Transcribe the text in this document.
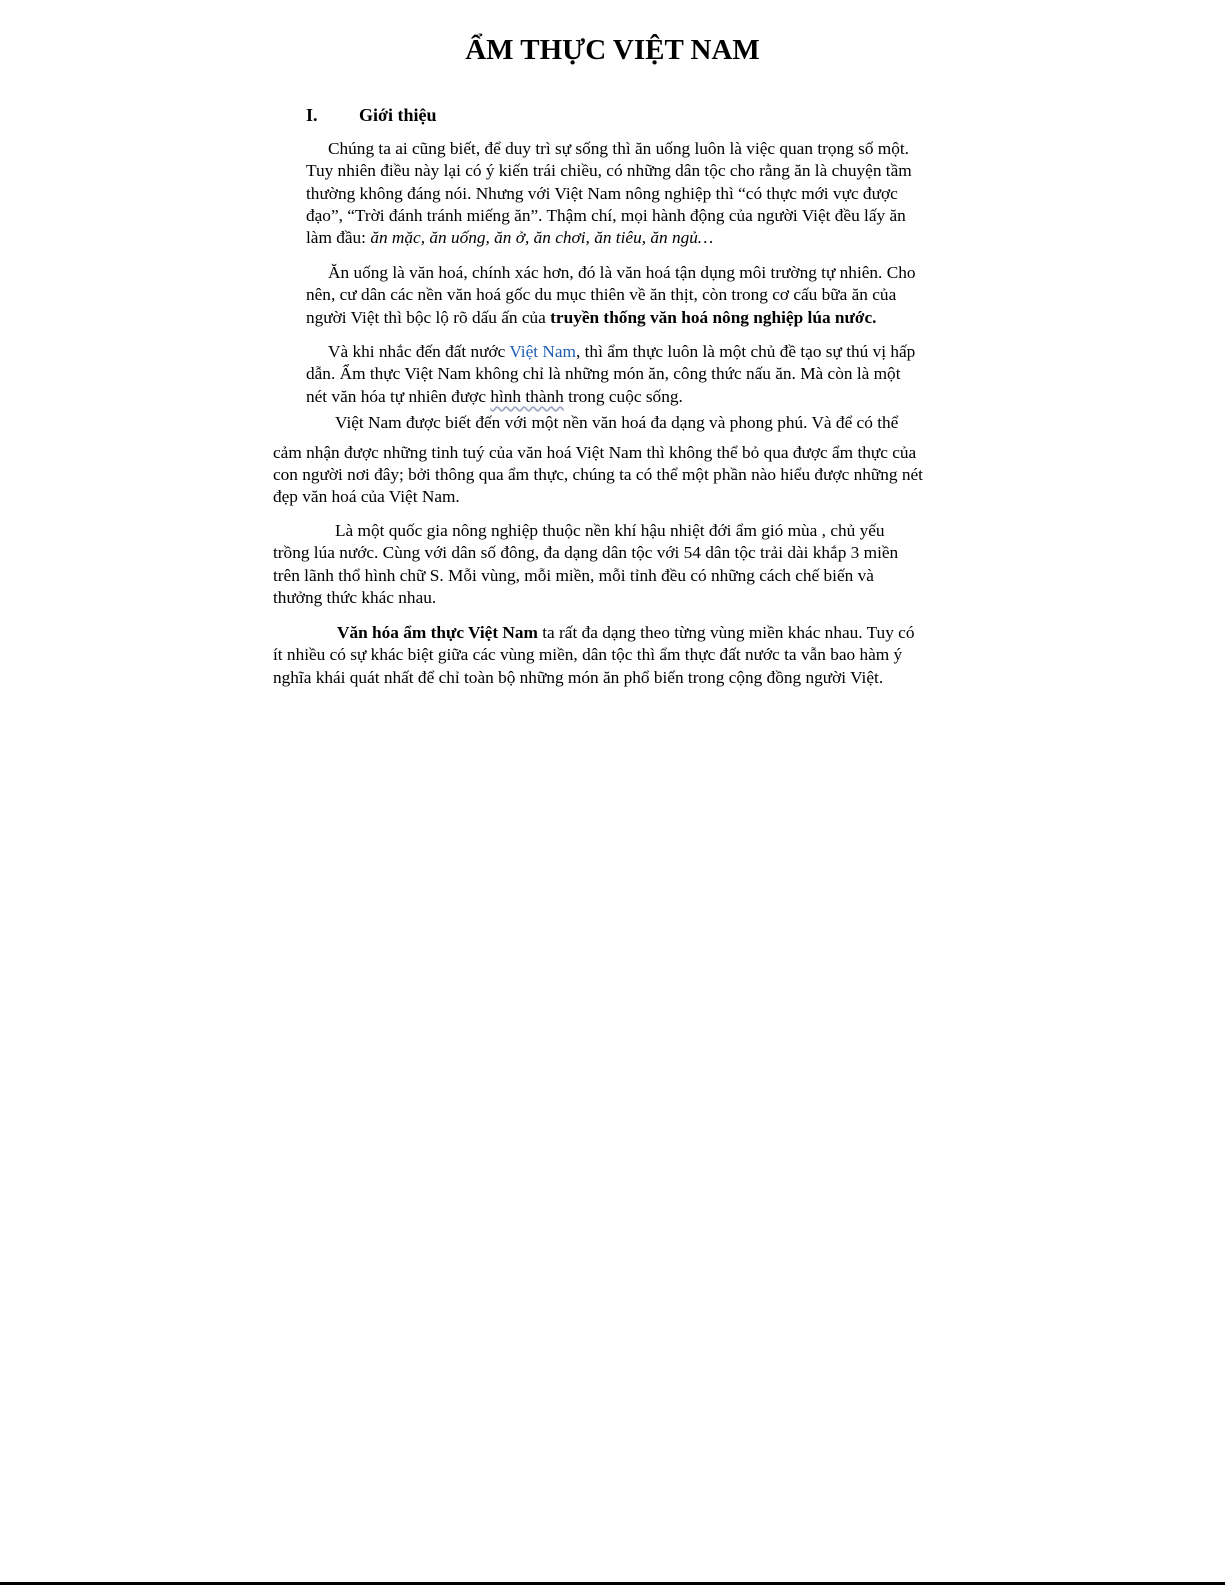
ẨM THỰC VIỆT NAM
I. Giới thiệu
Chúng ta ai cũng biết, để duy trì sự sống thì ăn uống luôn là việc quan trọng số một.
Tuy nhiên điều này lại có ý kiến trái chiều, có những dân tộc cho rằng ăn là chuyện tầm
thường không đáng nói. Nhưng với Việt Nam nông nghiệp thì “có thực mới vực được
đạo”, “Trời đánh tránh miếng ăn”. Thậm chí, mọi hành động của người Việt đều lấy ăn
làm đầu: ăn mặc, ăn uống, ăn ở, ăn chơi, ăn tiêu, ăn ngủ…
Ăn uống là văn hoá, chính xác hơn, đó là văn hoá tận dụng môi trường tự nhiên. Cho
nên, cư dân các nền văn hoá gốc du mục thiên về ăn thịt, còn trong cơ cấu bữa ăn của
người Việt thì bộc lộ rõ dấu ấn của truyền thống văn hoá nông nghiệp lúa nước.
Và khi nhắc đến đất nước Việt Nam, thì ẩm thực luôn là một chủ đề tạo sự thú vị hấp
dẫn. Ẩm thực Việt Nam không chỉ là những món ăn, công thức nấu ăn. Mà còn là một
nét văn hóa tự nhiên được hình thành trong cuộc sống.
Việt Nam được biết đến với một nền văn hoá đa dạng và phong phú. Và để có thể
cảm nhận được những tinh tuý của văn hoá Việt Nam thì không thể bỏ qua được ẩm thực của
con người nơi đây; bởi thông qua ẩm thực, chúng ta có thể một phần nào hiểu được những nét
đẹp văn hoá của Việt Nam.
Là một quốc gia nông nghiệp thuộc nền khí hậu nhiệt đới ẩm gió mùa , chủ yếu
trồng lúa nước. Cùng với dân số đông, đa dạng dân tộc với 54 dân tộc trải dài khắp 3 miền
trên lãnh thổ hình chữ S. Mỗi vùng, mỗi miền, mỗi tỉnh đều có những cách chế biến và
thưởng thức khác nhau.
Văn hóa ẩm thực Việt Nam ta rất đa dạng theo từng vùng miền khác nhau. Tuy có
ít nhiều có sự khác biệt giữa các vùng miền, dân tộc thì ẩm thực đất nước ta vẫn bao hàm ý
nghĩa khái quát nhất để chỉ toàn bộ những món ăn phổ biến trong cộng đồng người Việt.
